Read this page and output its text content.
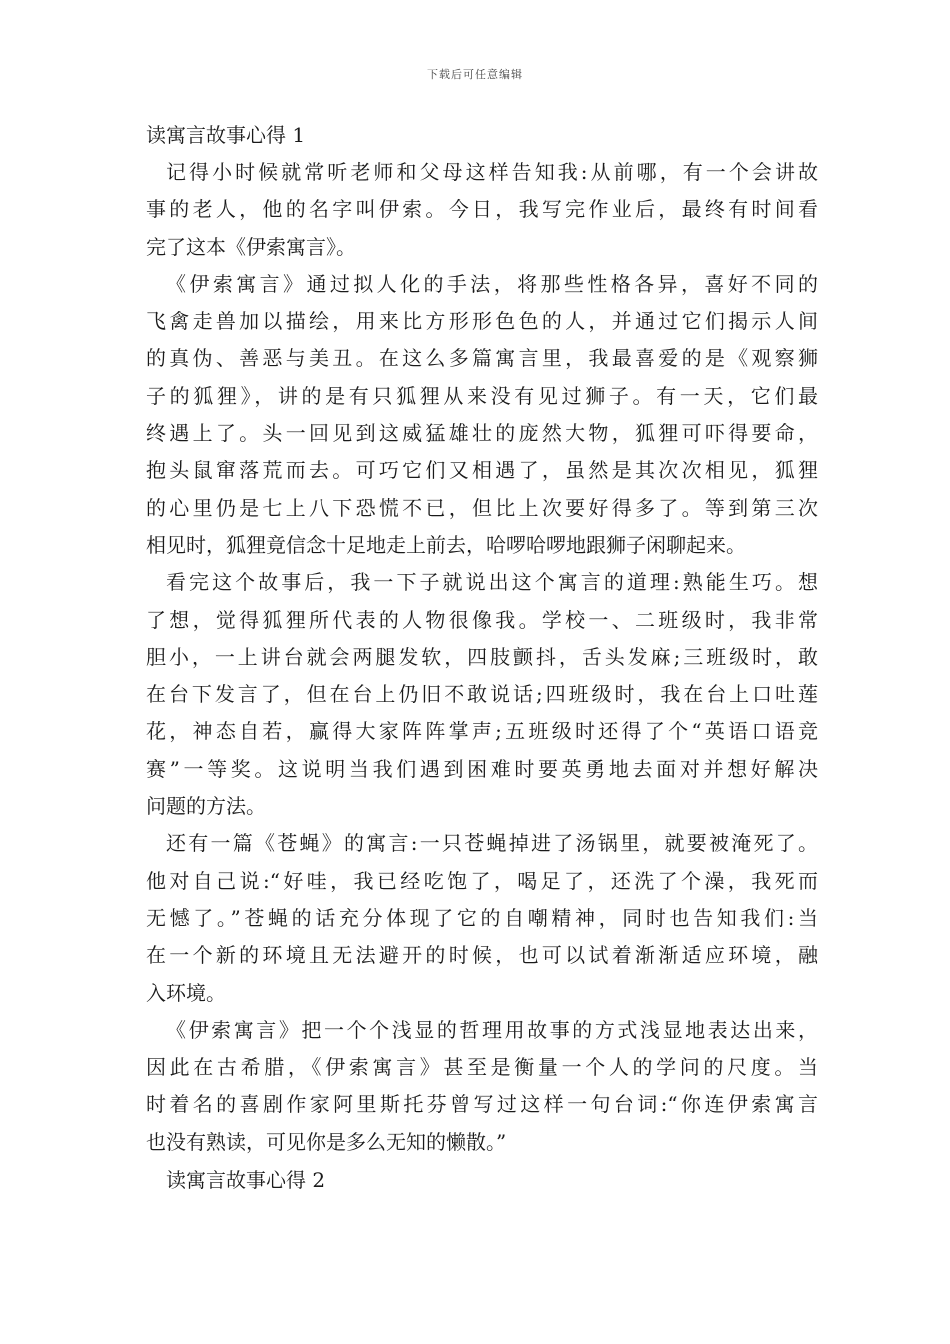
下载后可任意编辑
读寓言故事心得 1
记得小时候就常听老师和父母这样告知我:从前哪，有一个会讲故
事的老人，他的名字叫伊索。今日，我写完作业后，最终有时间看
完了这本《伊索寓言》。
《伊索寓言》通过拟人化的手法，将那些性格各异，喜好不同的
飞禽走兽加以描绘，用来比方形形色色的人，并通过它们揭示人间
的真伪、善恶与美丑。在这么多篇寓言里，我最喜爱的是《观察狮
子的狐狸》，讲的是有只狐狸从来没有见过狮子。有一天，它们最
终遇上了。头一回见到这威猛雄壮的庞然大物，狐狸可吓得要命，
抱头鼠窜落荒而去。可巧它们又相遇了，虽然是其次次相见，狐狸
的心里仍是七上八下恐慌不已，但比上次要好得多了。等到第三次
相见时，狐狸竟信念十足地走上前去，哈啰哈啰地跟狮子闲聊起来。
看完这个故事后，我一下子就说出这个寓言的道理:熟能生巧。想
了想，觉得狐狸所代表的人物很像我。学校一、二班级时，我非常
胆小，一上讲台就会两腿发软，四肢颤抖，舌头发麻;三班级时，敢
在台下发言了，但在台上仍旧不敢说话;四班级时，我在台上口吐莲
花，神态自若，赢得大家阵阵掌声;五班级时还得了个“英语口语竞
赛”一等奖。这说明当我们遇到困难时要英勇地去面对并想好解决
问题的方法。
还有一篇《苍蝇》的寓言:一只苍蝇掉进了汤锅里，就要被淹死了。
他对自己说:“好哇，我已经吃饱了，喝足了，还洗了个澡，我死而
无憾了。”苍蝇的话充分体现了它的自嘲精神，同时也告知我们:当
在一个新的环境且无法避开的时候，也可以试着渐渐适应环境，融
入环境。
《伊索寓言》把一个个浅显的哲理用故事的方式浅显地表达出来，
因此在古希腊，《伊索寓言》甚至是衡量一个人的学问的尺度。当
时着名的喜剧作家阿里斯托芬曾写过这样一句台词:“你连伊索寓言
也没有熟读，可见你是多么无知的懒散。”
读寓言故事心得 2
